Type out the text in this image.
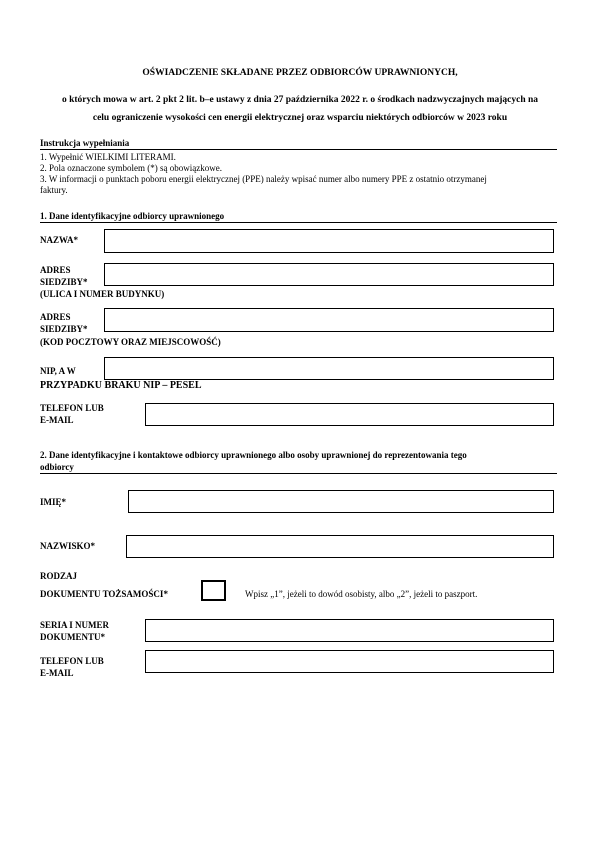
OŚWIADCZENIE SKŁADANE PRZEZ ODBIORCÓW UPRAWNIONYCH,
o których mowa w art. 2 pkt 2 lit. b–e ustawy z dnia 27 października 2022 r. o środkach nadzwyczajnych mających na
celu ograniczenie wysokości cen energii elektrycznej oraz wsparciu niektórych odbiorców w 2023 roku
Instrukcja wypełniania
1. Wypełnić WIELKIMI LITERAMI.
2. Pola oznaczone symbolem (*) są obowiązkowe.
3. W informacji o punktach poboru energii elektrycznej (PPE) należy wpisać numer albo numery PPE z ostatnio otrzymanej
faktury.
1. Dane identyfikacyjne odbiorcy uprawnionego
NAZWA*
ADRES
SIEDZIBY*
(ULICA I NUMER BUDYNKU)
ADRES
SIEDZIBY*
(KOD POCZTOWY ORAZ MIEJSCOWOŚĆ)
NIP, A W
PRZYPADKU BRAKU NIP – PESEL
TELEFON LUB
E-MAIL
2. Dane identyfikacyjne i kontaktowe odbiorcy uprawnionego albo osoby uprawnionej do reprezentowania tego
odbiorcy
IMIĘ*
NAZWISKO*
RODZAJ
DOKUMENTU TOŻSAMOŚCI*	Wpisz „1”, jeżeli to dowód osobisty, albo „2”, jeżeli to paszport.
SERIA I NUMER
DOKUMENTU*
TELEFON LUB
E-MAIL
